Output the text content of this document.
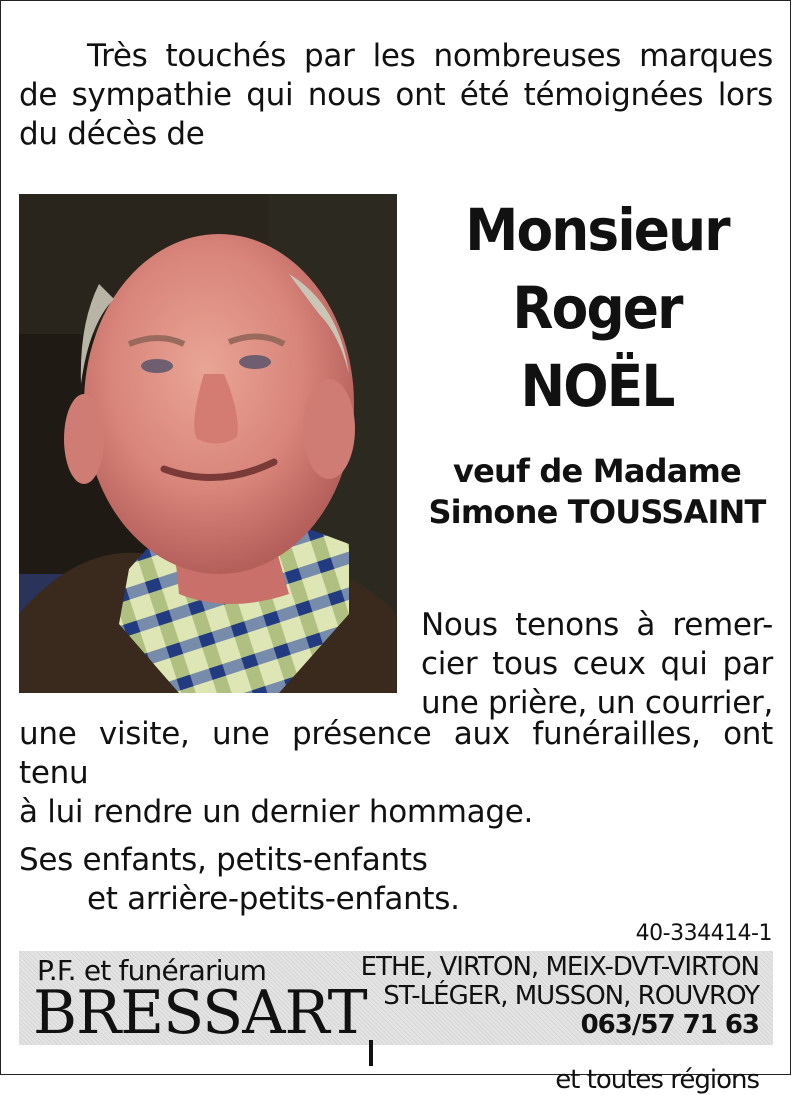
Très touchés par les nombreuses marques de sympathie qui nous ont été témoignées lors du décès de

Monsieur
Roger
NOËL
veuf de Madame
Simone TOUSSAINT
Nous tenons à remer-
cier tous ceux qui par
une prière, un courrier,
une visite, une présence aux funérailles, ont tenu
à lui rendre un dernier hommage.
Ses enfants, petits-enfants
et arrière-petits-enfants.
40-334414-1
P.F. et funérarium
BRESSART
ETHE, VIRTON, MEIX-DVT-VIRTON
ST-LÉGER, MUSSON, ROUVROY
063/57 71 63
et toutes régions
